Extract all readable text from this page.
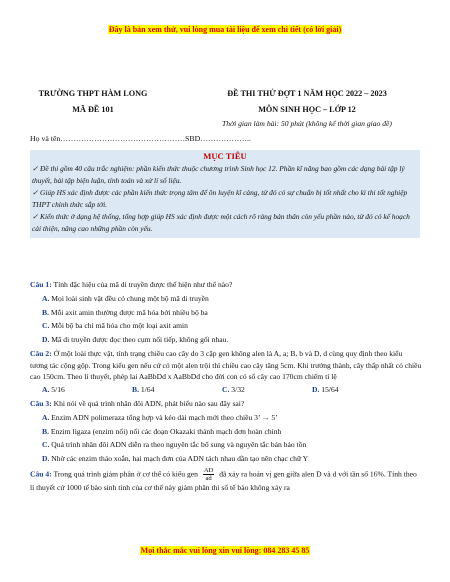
Đây là bản xem thử, vui lòng mua tài liệu để xem chi tiết (có lời giải)
TRƯỜNG THPT HÀM LONG
MÃ ĐỀ 101
ĐỀ THI THỬ ĐỢT 1 NĂM HỌC 2022 – 2023
MÔN SINH HỌC – LỚP 12
Thời gian làm bài: 50 phút (không kể thời gian giao đề)
Họ và tên…………………………………………SBD………………..
MỤC TIÊU
✓ Đề thi gồm 40 câu trắc nghiệm: phần kiến thức thuộc chương trình Sinh học 12. Phần kĩ năng bao gồm các dạng bài tập lý thuyết, bài tập biện luận, tính toán và xử lí số liệu.
✓ Giúp HS xác định được các phần kiến thức trọng tâm để ôn luyện kĩ càng, từ đó có sự chuẩn bị tốt nhất cho kì thi tốt nghiệp THPT chính thức sắp tới.
✓ Kiến thức ở dạng hệ thống, tổng hợp giúp HS xác định được một cách rõ ràng bản thân còn yếu phần nào, từ đó có kế hoạch cải thiện, nâng cao những phần còn yếu.
Câu 1: Tính đặc hiệu của mã di truyền được thể hiện như thế nào?
A. Mọi loài sinh vật đều có chung một bộ mã di truyền
B. Mỗi axit amin thường được mã hóa bởi nhiều bộ ba
C. Mỗi bộ ba chỉ mã hóa cho một loại axit amin
D. Mã di truyền được đọc theo cụm nối tiếp, không gối nhau.
Câu 2: Ở một loài thực vật, tính trạng chiều cao cây do 3 cặp gen không alen là A, a; B, b và D, d cùng quy định theo kiểu tương tác cộng gộp. Trong kiểu gen nếu cứ có một alen trội thì chiều cao cây tăng 5cm. Khi trưởng thành, cây thấp nhất có chiều cao 150cm. Theo lí thuyết, phép lai AaBbDd x AaBbDd cho đời con có số cây cao 170cm chiếm tỉ lệ
A. 5/16	B. 1/64	C. 3/32	D. 15/64
Câu 3: Khi nói về quá trình nhân đôi ADN, phát biểu nào sau đây sai?
A. Enzim ADN polimeraza tổng hợp và kéo dài mạch mới theo chiều 3’ → 5’
B. Enzim ligaza (enzim nối) nối các đoạn Okazaki thành mạch đơn hoàn chỉnh
C. Quá trình nhân đôi ADN diễn ra theo nguyên tắc bổ sung và nguyên tắc bán bảo tồn
D. Nhờ các enzim tháo xoắn, hai mạch đơn của ADN tách nhau dần tạo nên chạc chữ Y
Câu 4: Trong quá trình giảm phân ở cơ thể có kiểu gen $\frac{AD}{ad}$ đã xảy ra hoán vị gen giữa alen D và d với tần số 16%. Tính theo lí thuyết cứ 1000 tế bào sinh tinh của cơ thể này giảm phân thì số tế bào không xảy ra
Mọi thắc mắc vui lòng xin vui lòng: 084 283 45 85
